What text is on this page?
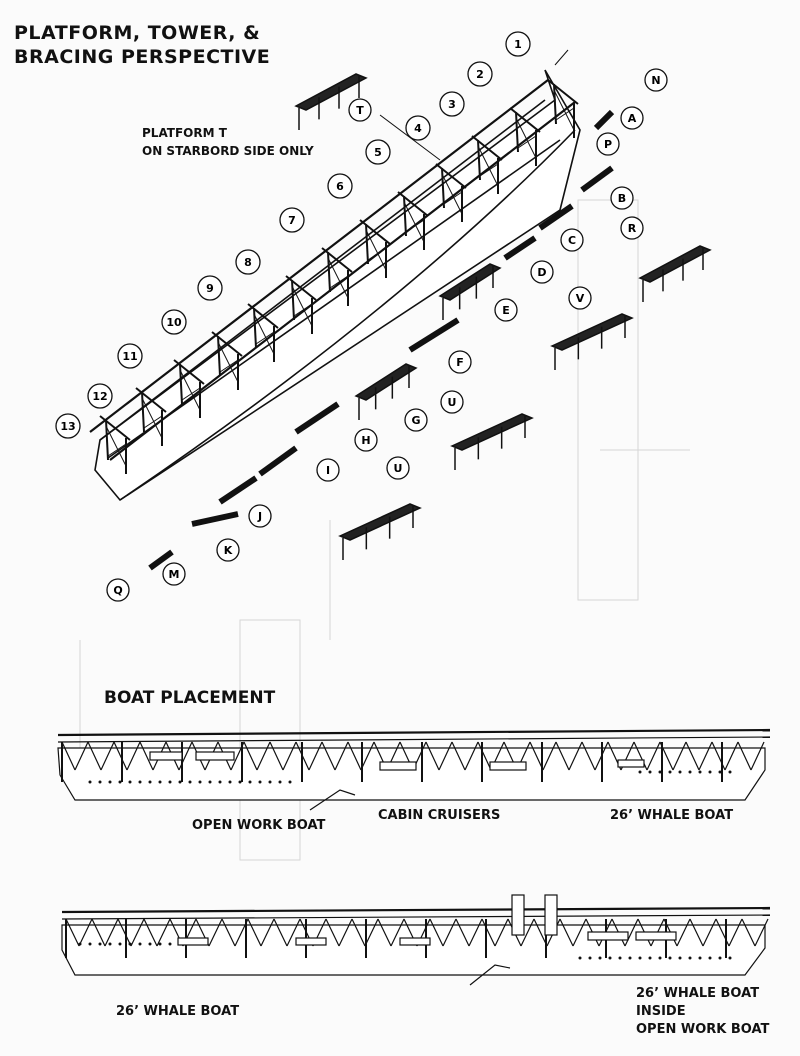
1
2
3
4
5
6
7
8
9
10
11
12
13
N
A
P
B
R
C
D
V
E
F
U
G
H
I	U
J
K
M
Q
T
PLATFORM, TOWER, &
BRACING PERSPECTIVE
PLATFORM T
ON STARBORD SIDE ONLY
BOAT PLACEMENT
OPEN WORK BOAT
CABIN CRUISERS	26’ WHALE BOAT
26’ WHALE BOAT
26’ WHALE BOAT
INSIDE
OPEN WORK BOAT
